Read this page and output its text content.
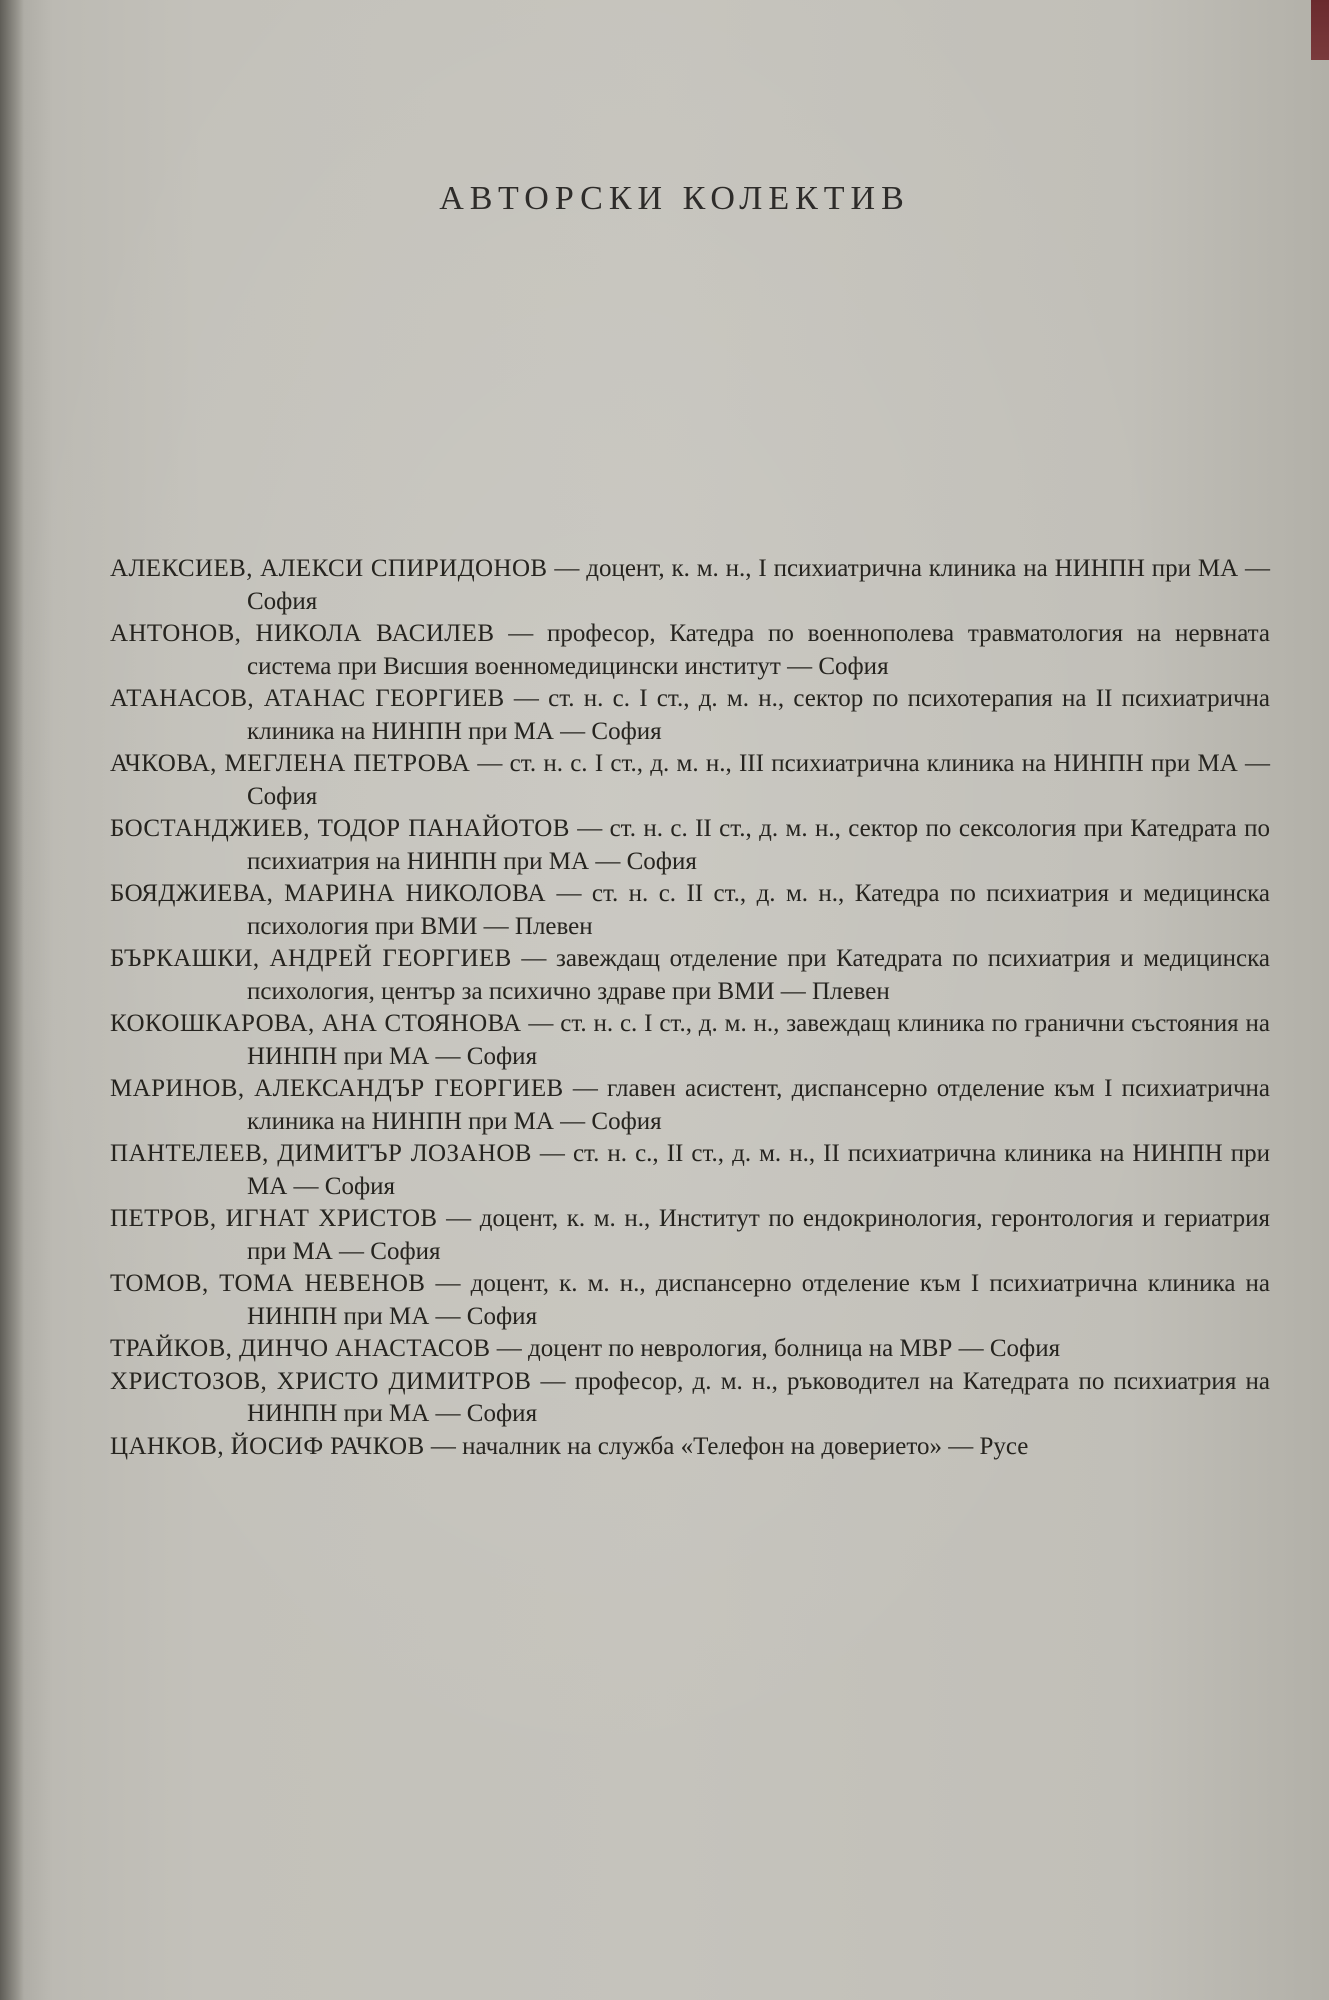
АВТОРСКИ КОЛЕКТИВ

АЛЕКСИЕВ, АЛЕКСИ СПИРИДОНОВ — доцент, к. м. н., I психиатрична клиника на НИНПН при МА — София

АНТОНОВ, НИКОЛА ВАСИЛЕВ — професор, Катедра по военнополева травматология на нервната система при Висшия военномедицински институт — София

АТАНАСОВ, АТАНАС ГЕОРГИЕВ — ст. н. с. I ст., д. м. н., сектор по психотерапия на II психиатрична клиника на НИНПН при МА — София

АЧКОВА, МЕГЛЕНА ПЕТРОВА — ст. н. с. I ст., д. м. н., III психиатрична клиника на НИНПН при МА — София

БОСТАНДЖИЕВ, ТОДОР ПАНАЙОТОВ — ст. н. с. II ст., д. м. н., сектор по сексология при Катедрата по психиатрия на НИНПН при МА — София

БОЯДЖИЕВА, МАРИНА НИКОЛОВА — ст. н. с. II ст., д. м. н., Катедра по психиатрия и медицинска психология при ВМИ — Плевен

БЪРКАШКИ, АНДРЕЙ ГЕОРГИЕВ — завеждащ отделение при Катедрата по психиатрия и медицинска психология, център за психично здраве при ВМИ — Плевен

КОКОШКАРОВА, АНА СТОЯНОВА — ст. н. с. I ст., д. м. н., завеждащ клиника по гранични състояния на НИНПН при МА — София

МАРИНОВ, АЛЕКСАНДЪР ГЕОРГИЕВ — главен асистент, диспансерно отделение към I психиатрична клиника на НИНПН при МА — София

ПАНТЕЛЕЕВ, ДИМИТЪР ЛОЗАНОВ — ст. н. с., II ст., д. м. н., II психиатрична клиника на НИНПН при МА — София

ПЕТРОВ, ИГНАТ ХРИСТОВ — доцент, к. м. н., Институт по ендокринология, геронтология и гериатрия при МА — София

ТОМОВ, ТОМА НЕВЕНОВ — доцент, к. м. н., диспансерно отделение към I психиатрична клиника на НИНПН при МА — София

ТРАЙКОВ, ДИНЧО АНАСТАСОВ — доцент по неврология, болница на МВР — София

ХРИСТОЗОВ, ХРИСТО ДИМИТРОВ — професор, д. м. н., ръководител на Катедрата по психиатрия на НИНПН при МА — София

ЦАНКОВ, ЙОСИФ РАЧКОВ — началник на служба «Телефон на доверието» — Русе
